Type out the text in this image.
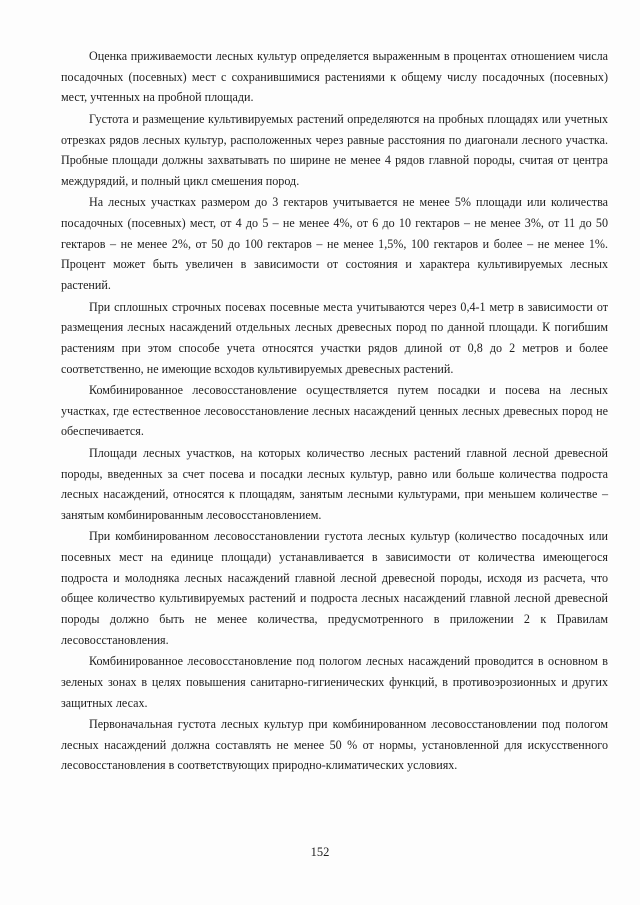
Оценка приживаемости лесных культур определяется выраженным в процентах отношением числа посадочных (посевных) мест с сохранившимися растениями к общему числу посадочных (посевных) мест, учтенных на пробной площади.

Густота и размещение культивируемых растений определяются на пробных площадях или учетных отрезках рядов лесных культур, расположенных через равные расстояния по диагонали лесного участка. Пробные площади должны захватывать по ширине не менее 4 рядов главной породы, считая от центра междурядий, и полный цикл смешения пород.

На лесных участках размером до 3 гектаров учитывается не менее 5% площади или количества посадочных (посевных) мест, от 4 до 5 – не менее 4%, от 6 до 10 гектаров – не менее 3%, от 11 до 50 гектаров – не менее 2%, от 50 до 100 гектаров – не менее 1,5%, 100 гектаров и более – не менее 1%. Процент может быть увеличен в зависимости от состояния и характера культивируемых лесных растений.

При сплошных строчных посевах посевные места учитываются через 0,4-1 метр в зависимости от размещения лесных насаждений отдельных лесных древесных пород по данной площади. К погибшим растениям при этом способе учета относятся участки рядов длиной от 0,8 до 2 метров и более соответственно, не имеющие всходов культивируемых древесных растений.

Комбинированное лесовосстановление осуществляется путем посадки и посева на лесных участках, где естественное лесовосстановление лесных насаждений ценных лесных древесных пород не обеспечивается.

Площади лесных участков, на которых количество лесных растений главной лесной древесной породы, введенных за счет посева и посадки лесных культур, равно или больше количества подроста лесных насаждений, относятся к площадям, занятым лесными культурами, при меньшем количестве – занятым комбинированным лесовосстановлением.

При комбинированном лесовосстановлении густота лесных культур (количество посадочных или посевных мест на единице площади) устанавливается в зависимости от количества имеющегося подроста и молодняка лесных насаждений главной лесной древесной породы, исходя из расчета, что общее количество культивируемых растений и подроста лесных насаждений главной лесной древесной породы должно быть не менее количества, предусмотренного в приложении 2 к Правилам лесовосстановления.

Комбинированное лесовосстановление под пологом лесных насаждений проводится в основном в зеленых зонах в целях повышения санитарно-гигиенических функций, в противоэрозионных и других защитных лесах.

Первоначальная густота лесных культур при комбинированном лесовосстановлении под пологом лесных насаждений должна составлять не менее 50 % от нормы, установленной для искусственного лесовосстановления в соответствующих природно-климатических условиях.

152
